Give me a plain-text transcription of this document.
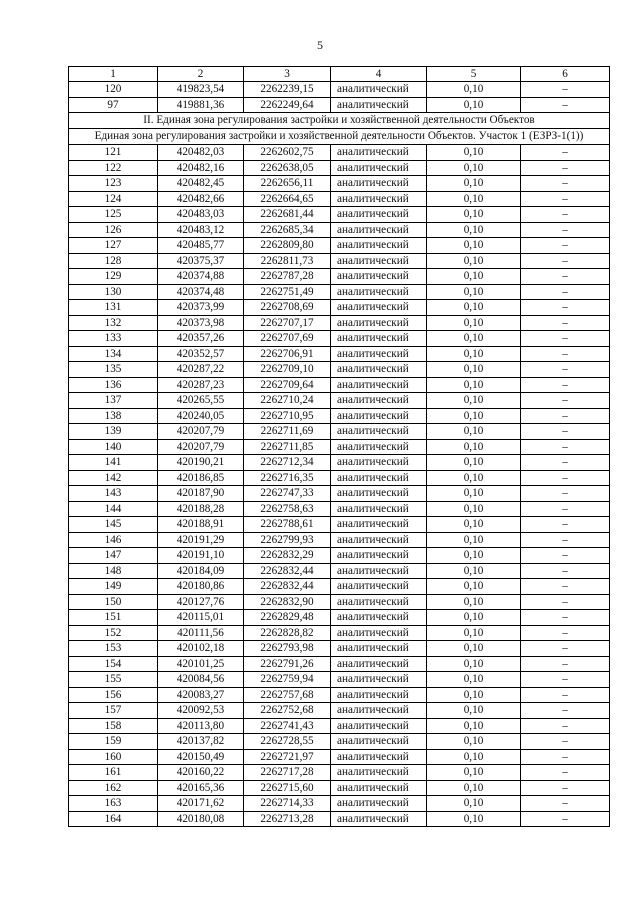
5
1	2	3	4	5	6
120	419823,54	2262239,15	аналитический	0,10	–
97	419881,36	2262249,64	аналитический	0,10	–
II. Единая зона регулирования застройки и хозяйственной деятельности Объектов					
Единая зона регулирования застройки и хозяйственной деятельности Объектов. Участок 1 (ЕЗРЗ-1(1))					
121	420482,03	2262602,75	аналитический	0,10	–
122	420482,16	2262638,05	аналитический	0,10	–
123	420482,45	2262656,11	аналитический	0,10	–
124	420482,66	2262664,65	аналитический	0,10	–
125	420483,03	2262681,44	аналитический	0,10	–
126	420483,12	2262685,34	аналитический	0,10	–
127	420485,77	2262809,80	аналитический	0,10	–
128	420375,37	2262811,73	аналитический	0,10	–
129	420374,88	2262787,28	аналитический	0,10	–
130	420374,48	2262751,49	аналитический	0,10	–
131	420373,99	2262708,69	аналитический	0,10	–
132	420373,98	2262707,17	аналитический	0,10	–
133	420357,26	2262707,69	аналитический	0,10	–
134	420352,57	2262706,91	аналитический	0,10	–
135	420287,22	2262709,10	аналитический	0,10	–
136	420287,23	2262709,64	аналитический	0,10	–
137	420265,55	2262710,24	аналитический	0,10	–
138	420240,05	2262710,95	аналитический	0,10	–
139	420207,79	2262711,69	аналитический	0,10	–
140	420207,79	2262711,85	аналитический	0,10	–
141	420190,21	2262712,34	аналитический	0,10	–
142	420186,85	2262716,35	аналитический	0,10	–
143	420187,90	2262747,33	аналитический	0,10	–
144	420188,28	2262758,63	аналитический	0,10	–
145	420188,91	2262788,61	аналитический	0,10	–
146	420191,29	2262799,93	аналитический	0,10	–
147	420191,10	2262832,29	аналитический	0,10	–
148	420184,09	2262832,44	аналитический	0,10	–
149	420180,86	2262832,44	аналитический	0,10	–
150	420127,76	2262832,90	аналитический	0,10	–
151	420115,01	2262829,48	аналитический	0,10	–
152	420111,56	2262828,82	аналитический	0,10	–
153	420102,18	2262793,98	аналитический	0,10	–
154	420101,25	2262791,26	аналитический	0,10	–
155	420084,56	2262759,94	аналитический	0,10	–
156	420083,27	2262757,68	аналитический	0,10	–
157	420092,53	2262752,68	аналитический	0,10	–
158	420113,80	2262741,43	аналитический	0,10	–
159	420137,82	2262728,55	аналитический	0,10	–
160	420150,49	2262721,97	аналитический	0,10	–
161	420160,22	2262717,28	аналитический	0,10	–
162	420165,36	2262715,60	аналитический	0,10	–
163	420171,62	2262714,33	аналитический	0,10	–
164	420180,08	2262713,28	аналитический	0,10	–
